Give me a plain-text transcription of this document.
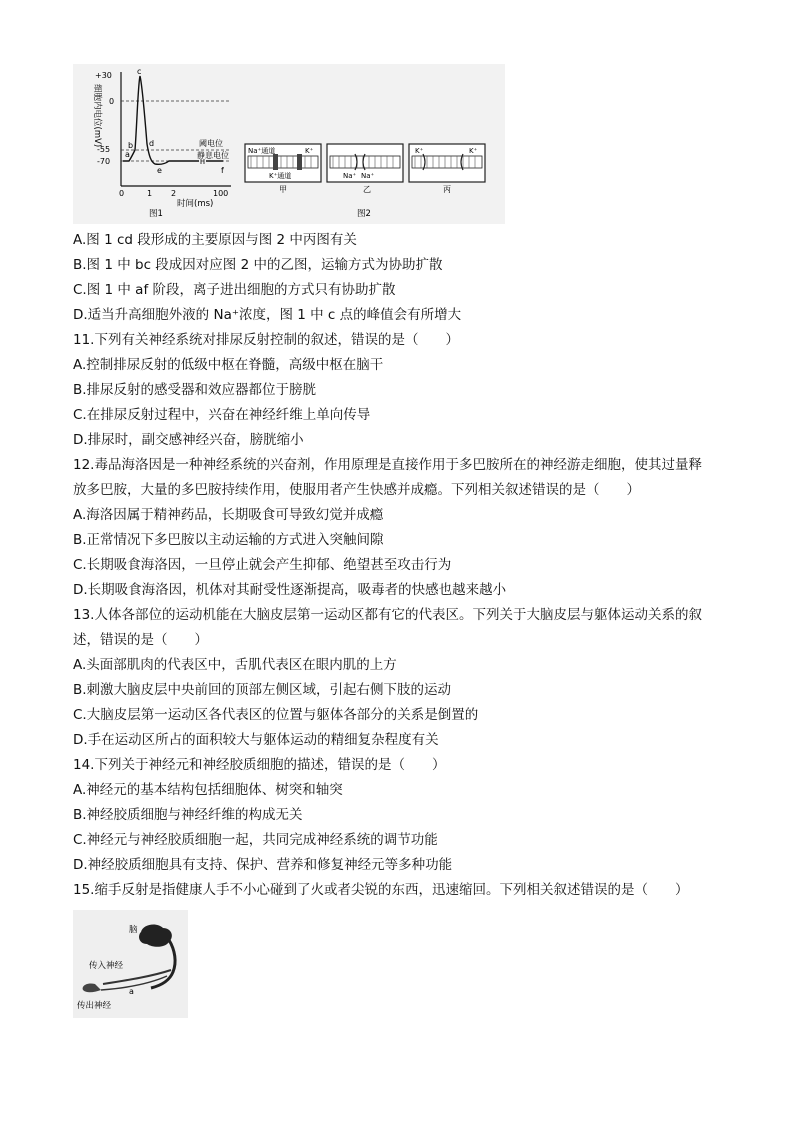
细胞内电位(mV)
+30
0
-55
-70
a
b
c
d
e	f
阈电位
静息电位
0	1 2	100
时间(ms)
图1
Na⁺通道	K⁺
K⁺通道
甲
Na⁺ Na⁺
乙
K⁺	K⁺
丙
图2
A.图 1 cd 段形成的主要原因与图 2 中丙图有关
B.图 1 中 bc 段成因对应图 2 中的乙图，运输方式为协助扩散
C.图 1 中 af 阶段，离子进出细胞的方式只有协助扩散
D.适当升高细胞外液的 Na⁺浓度，图 1 中 c 点的峰值会有所增大
11.下列有关神经系统对排尿反射控制的叙述，错误的是（　　）
A.控制排尿反射的低级中枢在脊髓，高级中枢在脑干
B.排尿反射的感受器和效应器都位于膀胱
C.在排尿反射过程中，兴奋在神经纤维上单向传导
D.排尿时，副交感神经兴奋，膀胱缩小
12.毒品海洛因是一种神经系统的兴奋剂，作用原理是直接作用于多巴胺所在的神经游走细胞，使其过量释
放多巴胺，大量的多巴胺持续作用，使服用者产生快感并成瘾。下列相关叙述错误的是（　　）
A.海洛因属于精神药品，长期吸食可导致幻觉并成瘾
B.正常情况下多巴胺以主动运输的方式进入突触间隙
C.长期吸食海洛因，一旦停止就会产生抑郁、绝望甚至攻击行为
D.长期吸食海洛因，机体对其耐受性逐渐提高，吸毒者的快感也越来越小
13.人体各部位的运动机能在大脑皮层第一运动区都有它的代表区。下列关于大脑皮层与躯体运动关系的叙
述，错误的是（　　）
A.头面部肌肉的代表区中，舌肌代表区在眼内肌的上方
B.刺激大脑皮层中央前回的顶部左侧区域，引起右侧下肢的运动
C.大脑皮层第一运动区各代表区的位置与躯体各部分的关系是倒置的
D.手在运动区所占的面积较大与躯体运动的精细复杂程度有关
14.下列关于神经元和神经胶质细胞的描述，错误的是（　　）
A.神经元的基本结构包括细胞体、树突和轴突
B.神经胶质细胞与神经纤维的构成无关
C.神经元与神经胶质细胞一起，共同完成神经系统的调节功能
D.神经胶质细胞具有支持、保护、营养和修复神经元等多种功能
15.缩手反射是指健康人手不小心碰到了火或者尖锐的东西，迅速缩回。下列相关叙述错误的是（　　）
脑
传入神经
a
传出神经
